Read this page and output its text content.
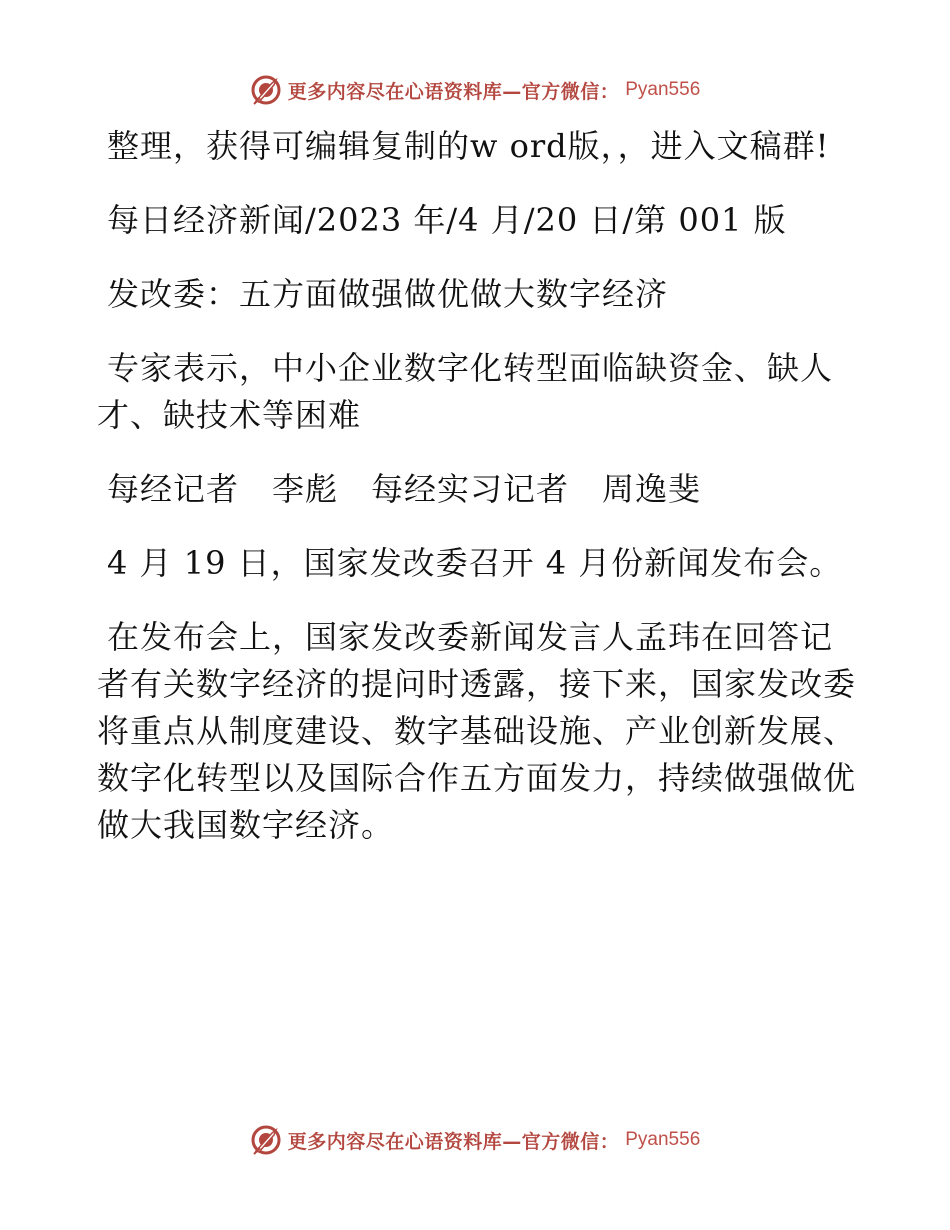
更多内容尽在心语资料库—官方微信： Pyan556

整理，获得可编辑复制的w ord版，，进入文稿群!

每日经济新闻/2023 年/4 月/20 日/第 001 版

发改委：五方面做强做优做大数字经济

专家表示，中小企业数字化转型面临缺资金、缺人才、缺技术等困难

每经记者　李彪　每经实习记者　周逸斐

4 月 19 日，国家发改委召开 4 月份新闻发布会。

在发布会上，国家发改委新闻发言人孟玮在回答记者有关数字经济的提问时透露，接下来，国家发改委将重点从制度建设、数字基础设施、产业创新发展、数字化转型以及国际合作五方面发力，持续做强做优做大我国数字经济。

更多内容尽在心语资料库—官方微信： Pyan556
